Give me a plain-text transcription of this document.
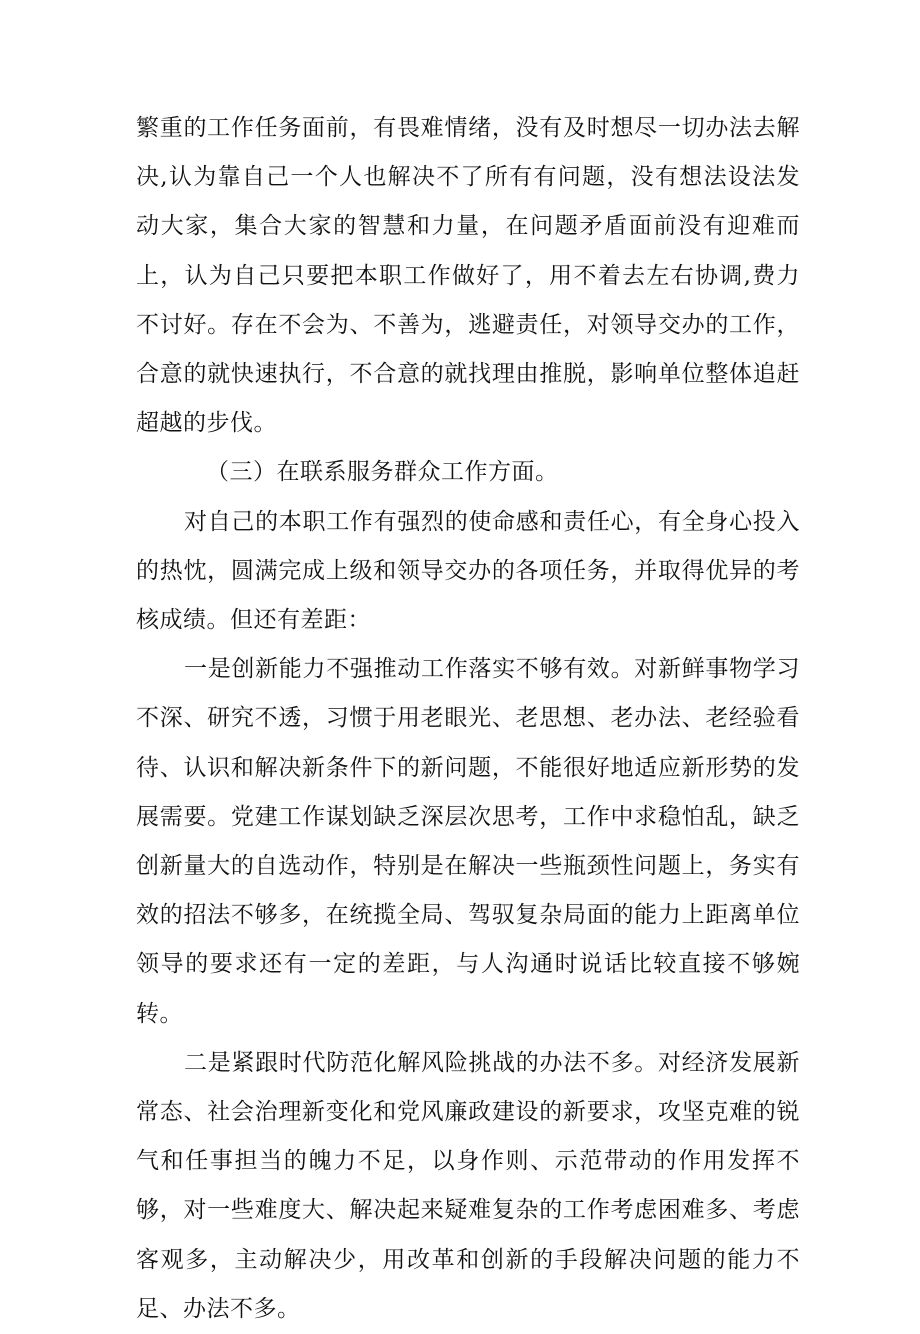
繁重的工作任务面前，有畏难情绪，没有及时想尽一切办法去解决,认为靠自己一个人也解决不了所有有问题，没有想法设法发动大家，集合大家的智慧和力量，在问题矛盾面前没有迎难而上，认为自己只要把本职工作做好了，用不着去左右协调,费力不讨好。存在不会为、不善为，逃避责任，对领导交办的工作，合意的就快速执行，不合意的就找理由推脱，影响单位整体追赶超越的步伐。

（三）在联系服务群众工作方面。

对自己的本职工作有强烈的使命感和责任心，有全身心投入的热忱，圆满完成上级和领导交办的各项任务，并取得优异的考核成绩。但还有差距：

一是创新能力不强推动工作落实不够有效。对新鲜事物学习不深、研究不透，习惯于用老眼光、老思想、老办法、老经验看待、认识和解决新条件下的新问题，不能很好地适应新形势的发展需要。党建工作谋划缺乏深层次思考，工作中求稳怕乱，缺乏创新量大的自选动作，特别是在解决一些瓶颈性问题上，务实有效的招法不够多，在统揽全局、驾驭复杂局面的能力上距离单位领导的要求还有一定的差距，与人沟通时说话比较直接不够婉转。

二是紧跟时代防范化解风险挑战的办法不多。对经济发展新常态、社会治理新变化和党风廉政建设的新要求，攻坚克难的锐气和任事担当的魄力不足，以身作则、示范带动的作用发挥不够，对一些难度大、解决起来疑难复杂的工作考虑困难多、考虑客观多，主动解决少，用改革和创新的手段解决问题的能力不足、办法不多。
